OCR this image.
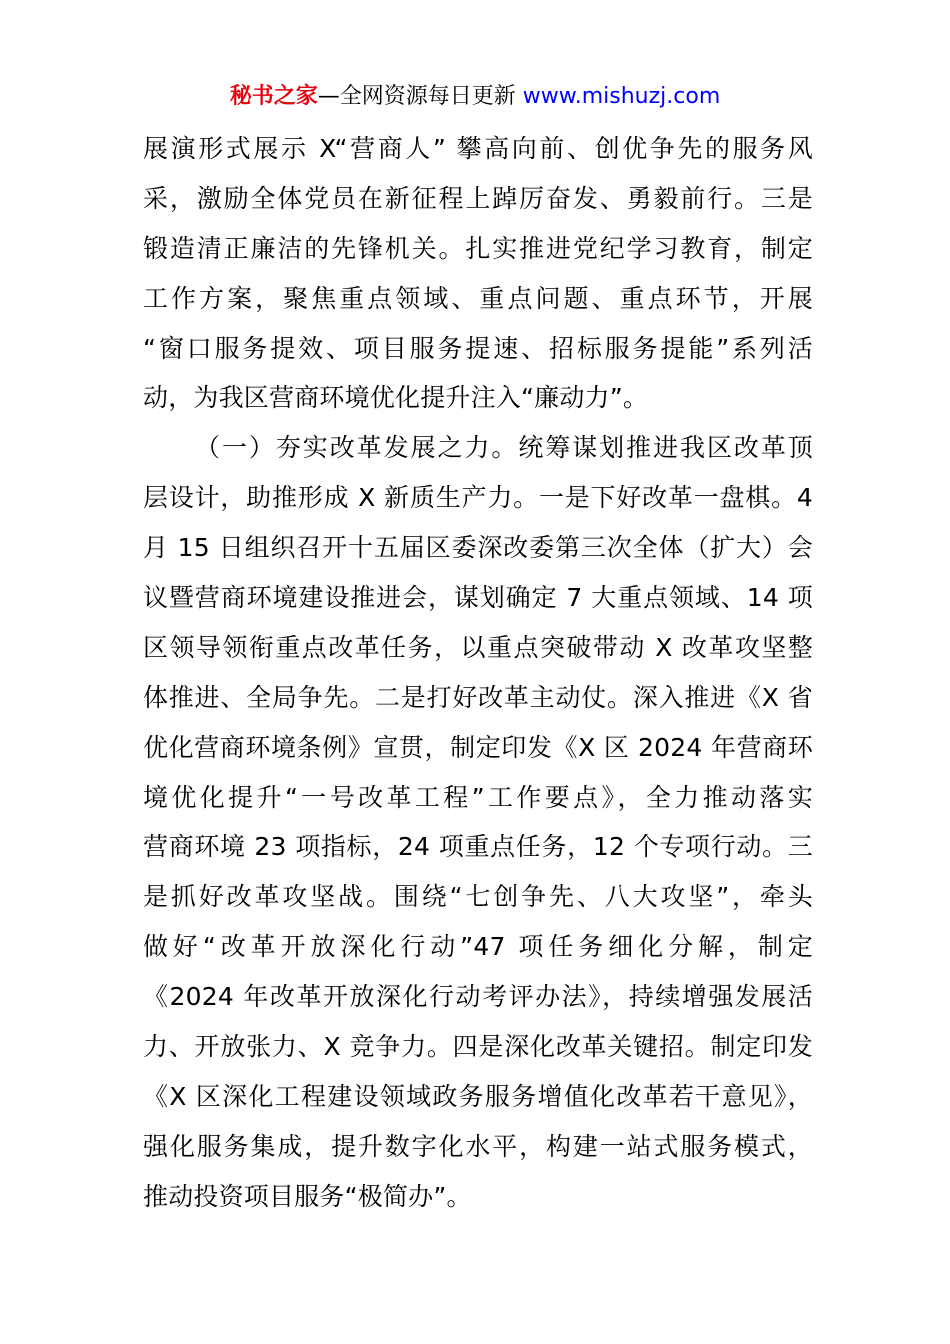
秘书之家—全网资源每日更新 www.mishuzj.com
展演形式展示 X“营商人” 攀高向前、创优争先的服务风
采，激励全体党员在新征程上踔厉奋发、勇毅前行。三是
锻造清正廉洁的先锋机关。扎实推进党纪学习教育，制定
工作方案，聚焦重点领域、重点问题、重点环节，开展
“窗口服务提效、项目服务提速、招标服务提能”系列活
动，为我区营商环境优化提升注入“廉动力”。
（一）夯实改革发展之力。统筹谋划推进我区改革顶
层设计，助推形成 X 新质生产力。一是下好改革一盘棋。4
月 15 日组织召开十五届区委深改委第三次全体（扩大）会
议暨营商环境建设推进会，谋划确定 7 大重点领域、14 项
区领导领衔重点改革任务，以重点突破带动 X 改革攻坚整
体推进、全局争先。二是打好改革主动仗。深入推进《X 省
优化营商环境条例》宣贯，制定印发《X 区 2024 年营商环
境优化提升“一号改革工程”工作要点》，全力推动落实
营商环境 23 项指标，24 项重点任务，12 个专项行动。三
是抓好改革攻坚战。围绕“七创争先、八大攻坚”，牵头
做好“改革开放深化行动”47 项任务细化分解，制定
《2024 年改革开放深化行动考评办法》，持续增强发展活
力、开放张力、X 竞争力。四是深化改革关键招。制定印发
《X 区深化工程建设领域政务服务增值化改革若干意见》，
强化服务集成，提升数字化水平，构建一站式服务模式，
推动投资项目服务“极简办”。
